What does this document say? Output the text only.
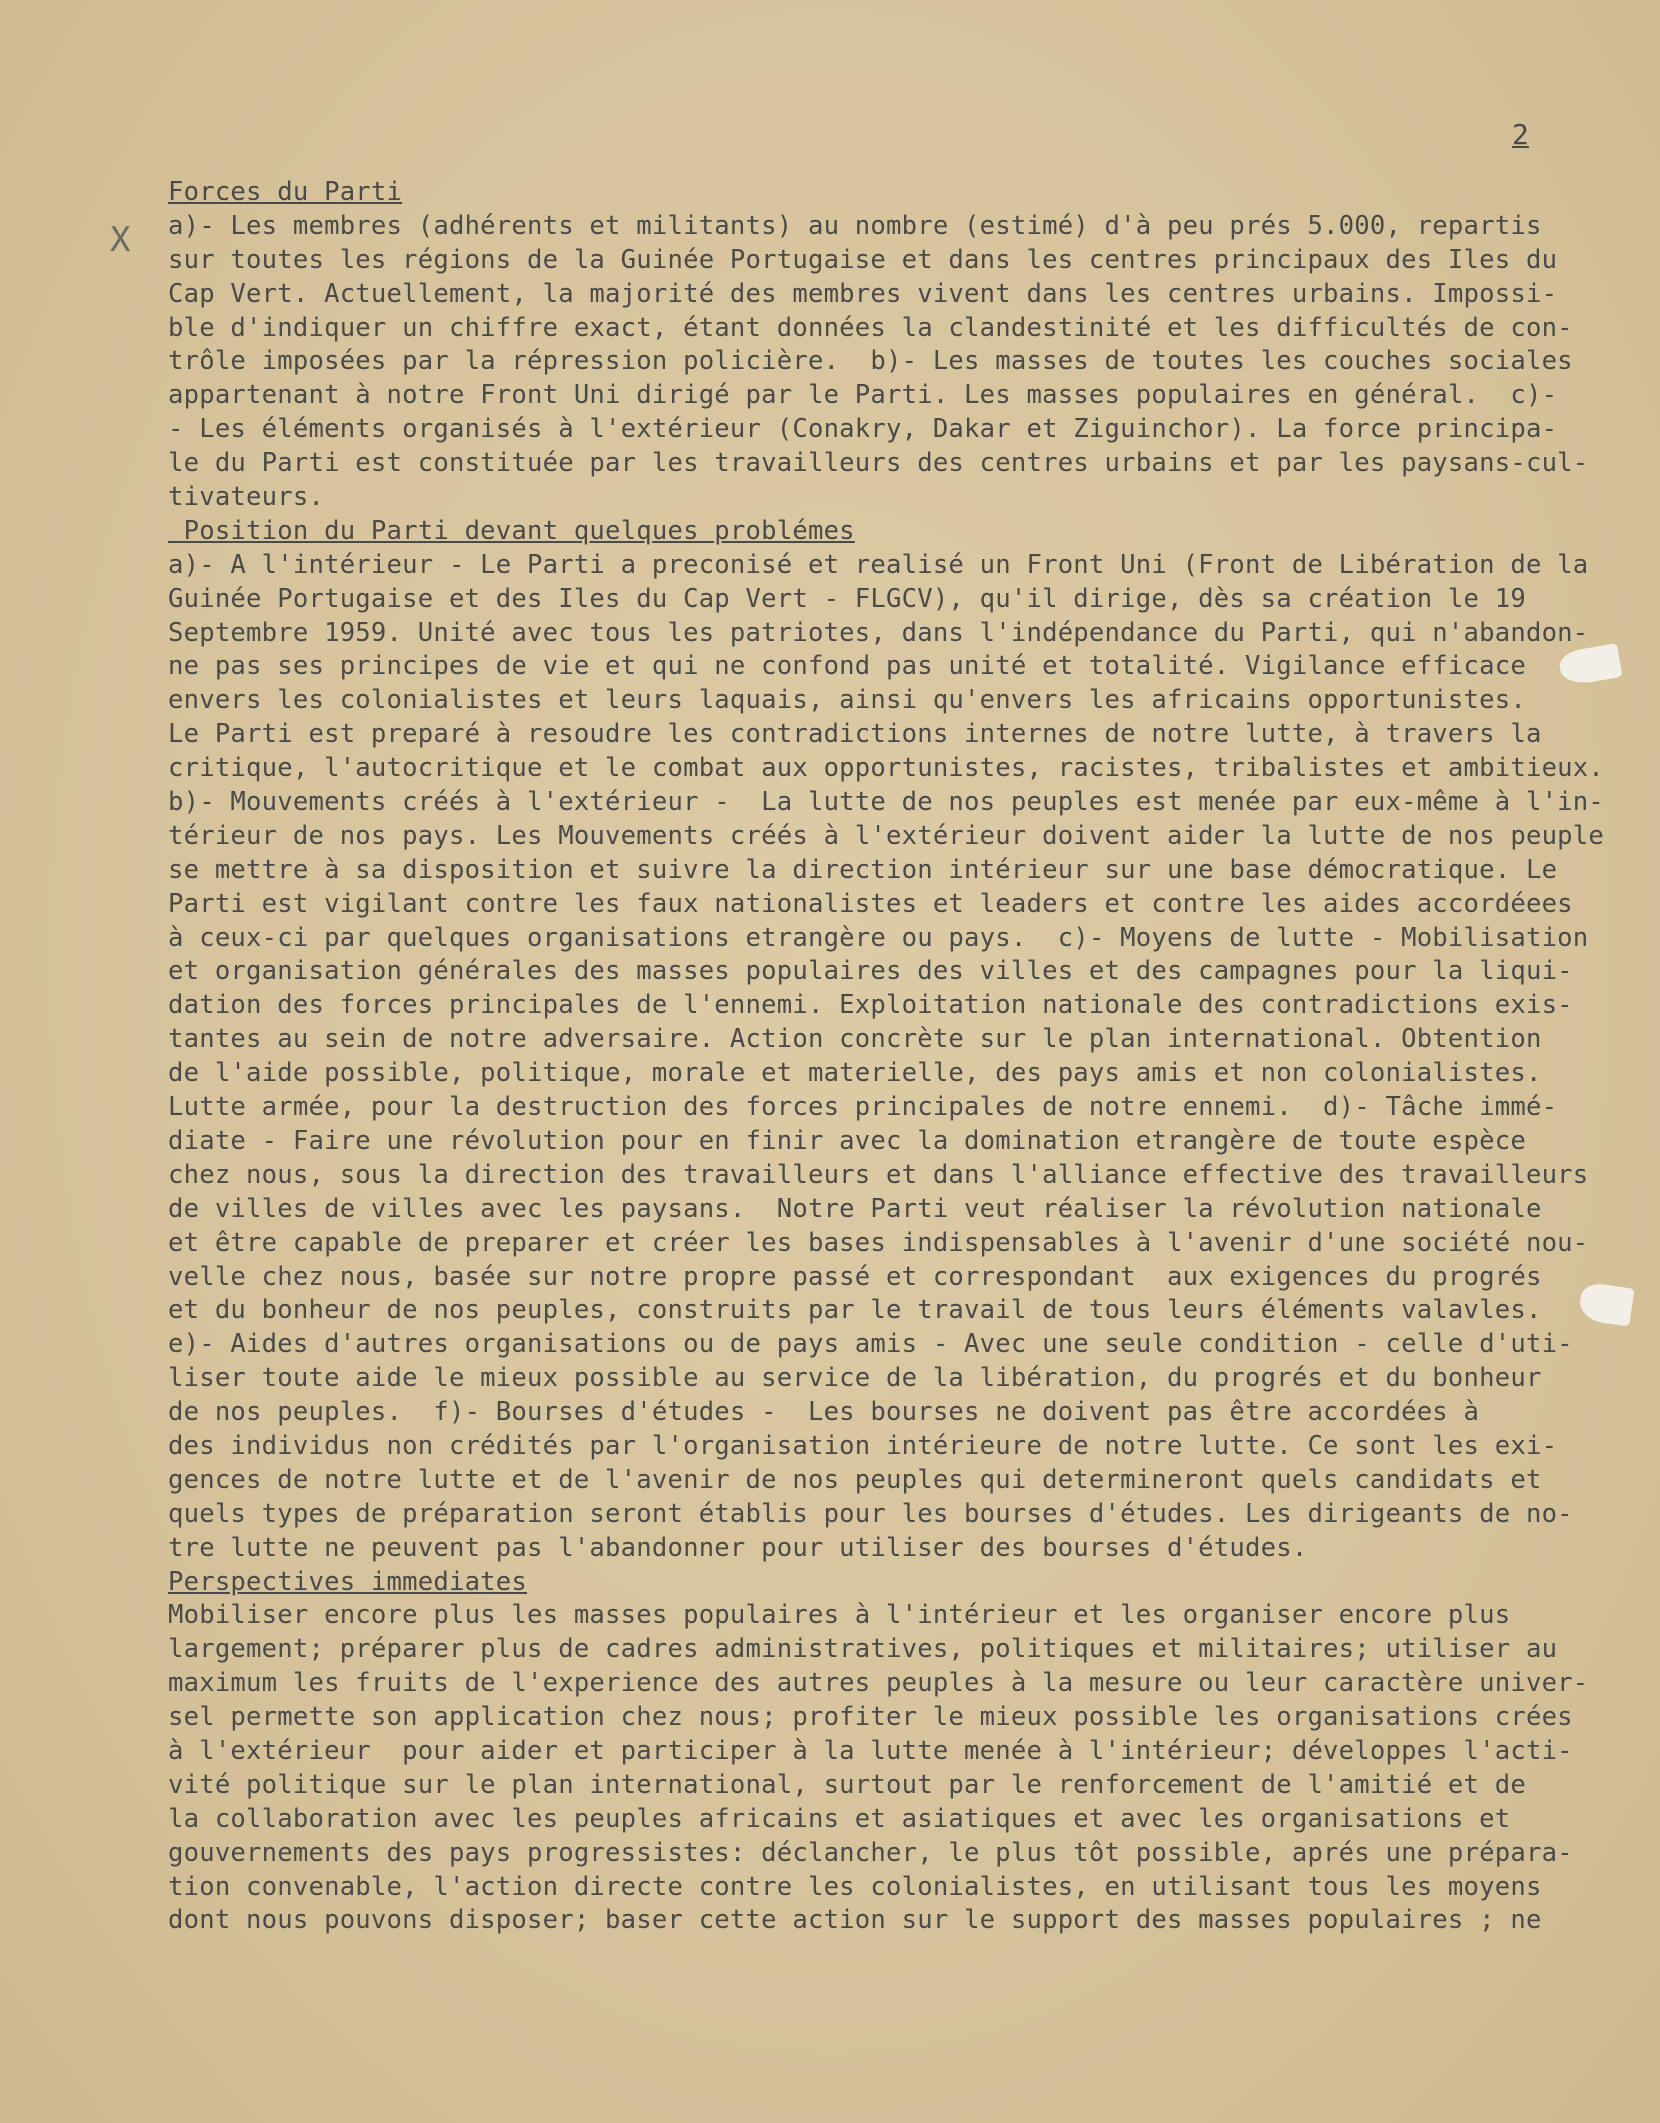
2
X
Forces du Parti
a)- Les membres (adhérents et militants) au nombre (estimé) d'à peu prés 5.000, repartis
sur toutes les régions de la Guinée Portugaise et dans les centres principaux des Iles du
Cap Vert. Actuellement, la majorité des membres vivent dans les centres urbains. Impossi-
ble d'indiquer un chiffre exact, étant données la clandestinité et les difficultés de con-
trôle imposées par la répression policière.  b)- Les masses de toutes les couches sociales
appartenant à notre Front Uni dirigé par le Parti. Les masses populaires en général.  c)-
- Les éléments organisés à l'extérieur (Conakry, Dakar et Ziguinchor). La force principa-
le du Parti est constituée par les travailleurs des centres urbains et par les paysans-cul-
tivateurs.
Position du Parti devant quelques problémes
a)- A l'intérieur - Le Parti a preconisé et realisé un Front Uni (Front de Libération de la
Guinée Portugaise et des Iles du Cap Vert - FLGCV), qu'il dirige, dès sa création le 19
Septembre 1959. Unité avec tous les patriotes, dans l'indépendance du Parti, qui n'abandon-
ne pas ses principes de vie et qui ne confond pas unité et totalité. Vigilance efficace
envers les colonialistes et leurs laquais, ainsi qu'envers les africains opportunistes.
Le Parti est preparé à resoudre les contradictions internes de notre lutte, à travers la
critique, l'autocritique et le combat aux opportunistes, racistes, tribalistes et ambitieux.
b)- Mouvements créés à l'extérieur -  La lutte de nos peuples est menée par eux-même à l'in-
térieur de nos pays. Les Mouvements créés à l'extérieur doivent aider la lutte de nos peuple
se mettre à sa disposition et suivre la direction intérieur sur une base démocratique. Le
Parti est vigilant contre les faux nationalistes et leaders et contre les aides accordéees
à ceux-ci par quelques organisations etrangère ou pays.  c)- Moyens de lutte - Mobilisation
et organisation générales des masses populaires des villes et des campagnes pour la liqui-
dation des forces principales de l'ennemi. Exploitation nationale des contradictions exis-
tantes au sein de notre adversaire. Action concrète sur le plan international. Obtention
de l'aide possible, politique, morale et materielle, des pays amis et non colonialistes.
Lutte armée, pour la destruction des forces principales de notre ennemi.  d)- Tâche immé-
diate - Faire une révolution pour en finir avec la domination etrangère de toute espèce
chez nous, sous la direction des travailleurs et dans l'alliance effective des travailleurs
de villes de villes avec les paysans.  Notre Parti veut réaliser la révolution nationale
et être capable de preparer et créer les bases indispensables à l'avenir d'une société nou-
velle chez nous, basée sur notre propre passé et correspondant  aux exigences du progrés
et du bonheur de nos peuples, construits par le travail de tous leurs éléments valavles.
e)- Aides d'autres organisations ou de pays amis - Avec une seule condition - celle d'uti-
liser toute aide le mieux possible au service de la libération, du progrés et du bonheur
de nos peuples.  f)- Bourses d'études -  Les bourses ne doivent pas être accordées à
des individus non crédités par l'organisation intérieure de notre lutte. Ce sont les exi-
gences de notre lutte et de l'avenir de nos peuples qui determineront quels candidats et
quels types de préparation seront établis pour les bourses d'études. Les dirigeants de no-
tre lutte ne peuvent pas l'abandonner pour utiliser des bourses d'études.
Perspectives immediates
Mobiliser encore plus les masses populaires à l'intérieur et les organiser encore plus
largement; préparer plus de cadres administratives, politiques et militaires; utiliser au
maximum les fruits de l'experience des autres peuples à la mesure ou leur caractère univer-
sel permette son application chez nous; profiter le mieux possible les organisations crées
à l'extérieur  pour aider et participer à la lutte menée à l'intérieur; développes l'acti-
vité politique sur le plan international, surtout par le renforcement de l'amitié et de
la collaboration avec les peuples africains et asiatiques et avec les organisations et
gouvernements des pays progressistes: déclancher, le plus tôt possible, aprés une prépara-
tion convenable, l'action directe contre les colonialistes, en utilisant tous les moyens
dont nous pouvons disposer; baser cette action sur le support des masses populaires ; ne
